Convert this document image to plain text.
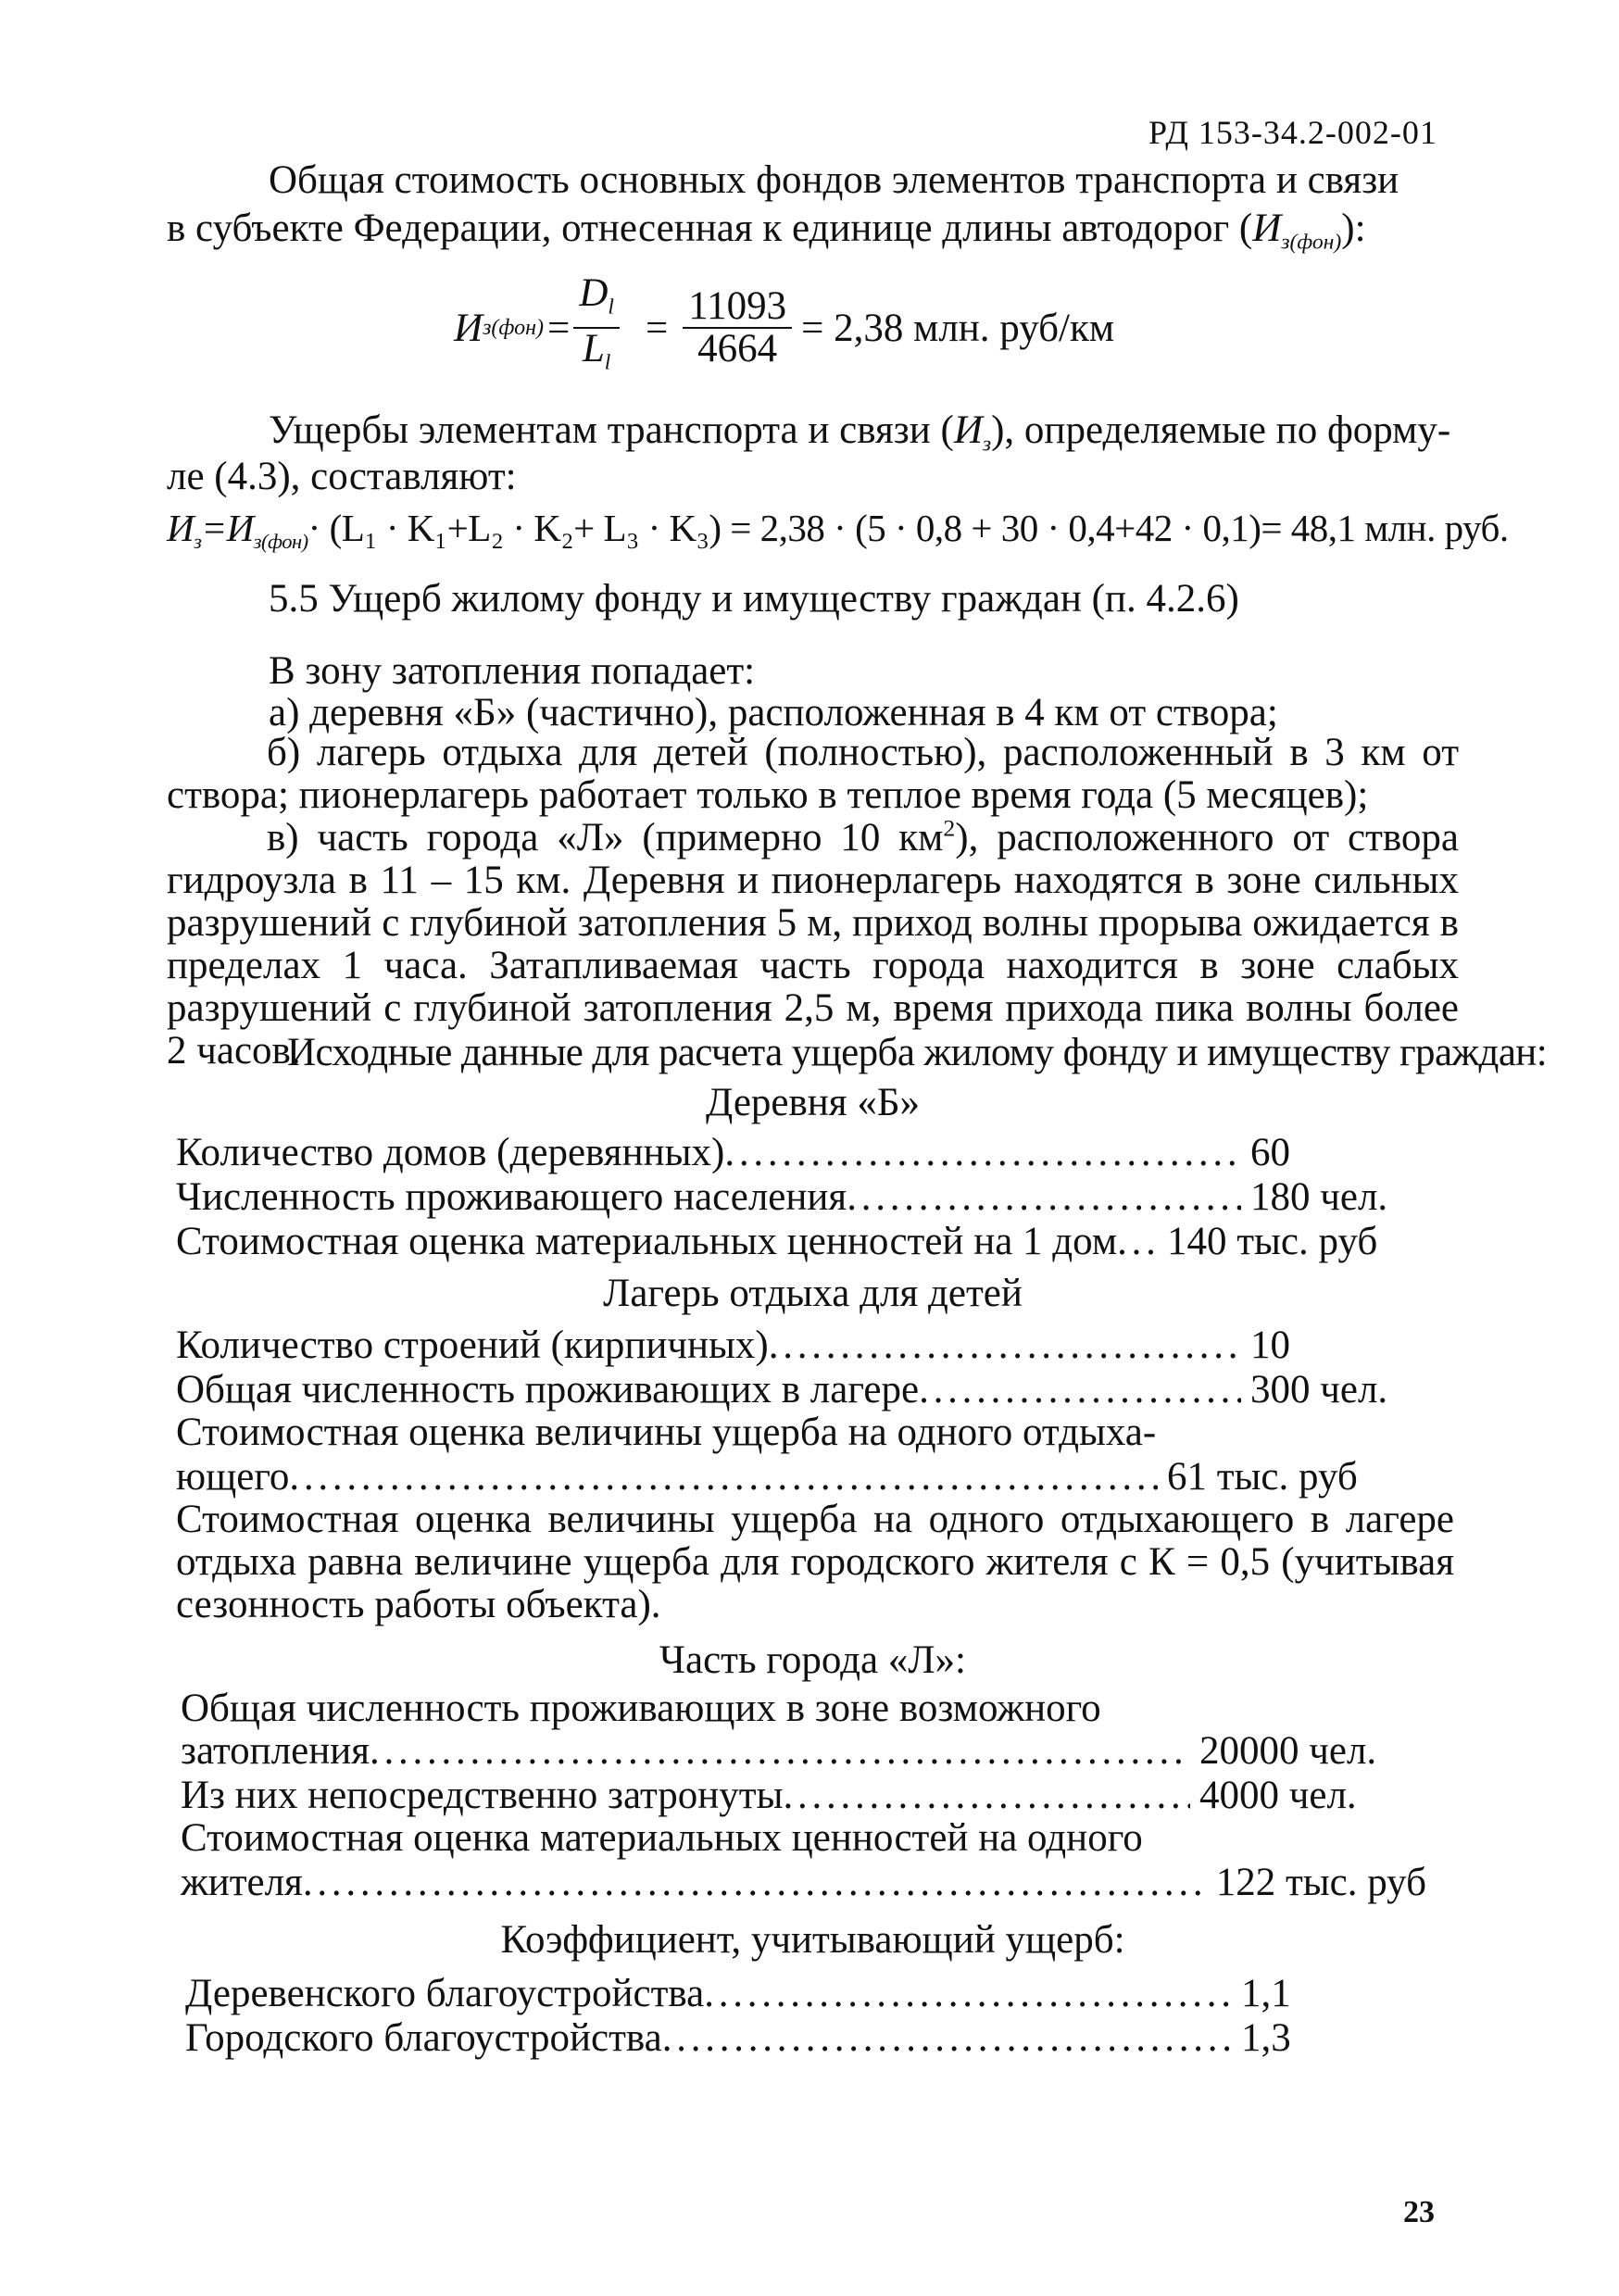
РД 153-34.2-002-01
Общая стоимость основных фондов элементов транспорта и связи
в субъекте Федерации, отнесенная к единице длины автодорог $(И_{з(фон)})$:
И $з(фон) = \frac{D_l}{L_l} = \frac{11093}{4664} = 2,38$ млн. руб/км
Ущербы элементам транспорта и связи $(И_з)$, определяемые по форму-
ле (4.3), составляют:
$И_з=И_{з(фон)}\cdot (L_1 \cdot K_1+L_2 \cdot K_2+ L_3 \cdot K_3) = 2,38 \cdot (5 \cdot 0,8 + 30 \cdot 0,4+42 \cdot 0,1)= 48,1$ млн. руб.
5.5 Ущерб жилому фонду и имуществу граждан (п. 4.2.6)
В зону затопления попадает:
а) деревня «Б» (частично), расположенная в 4 км от створа;
б) лагерь отдыха для детей (полностью), расположенный в 3 км от створа; пионерлагерь работает только в теплое время года (5 месяцев);
в) часть города «Л» (примерно 10 $км^2$), расположенного от створа гидроузла в 11 – 15 км. Деревня и пионерлагерь находятся в зоне сильных разрушений с глубиной затопления 5 м, приход волны прорыва ожидается в пределах 1 часа. Затапливаемая часть города находится в зоне слабых разрушений с глубиной затопления 2,5 м, время прихода пика волны более 2 часов.
Исходные данные для расчета ущерба жилому фонду и имуществу граждан:
Деревня «Б»
Количество домов (деревянных) . . .	60
Численность проживающего населения . . .	180 чел.
Стоимостная оценка материальных ценностей на 1 дом . . . 140 тыс. руб
Лагерь отдыха для детей
Количество строений (кирпичных) . . .	10
Общая численность проживающих в лагере . . .	300 чел.
Стоимостная оценка величины ущерба на одного отдыха-
ющего . . .	61 тыс. руб
Стоимостная оценка величины ущерба на одного отдыхающего в лагере отдыха равна величине ущерба для городского жителя с К = 0,5 (учитывая сезонность работы объекта).
Часть города «Л»:
Общая численность проживающих в зоне возможного
затопления . . .	20000 чел.
Из них непосредственно затронуты . . .	4000 чел.
Стоимостная оценка материальных ценностей на одного
жителя . . .	122 тыс. руб
Коэффициент, учитывающий ущерб:
Деревенского благоустройства . . .	1,1
Городского благоустройства . . .	1,3
23
